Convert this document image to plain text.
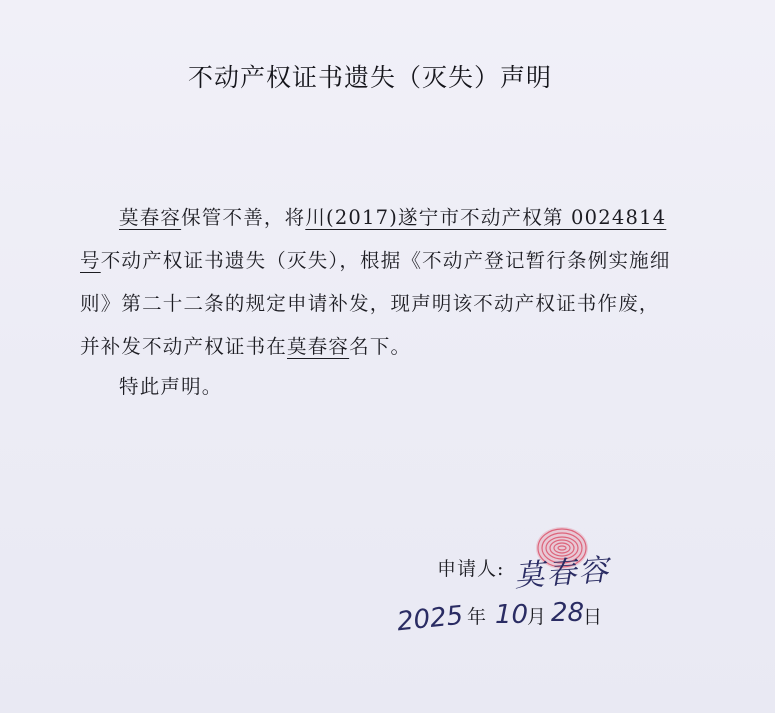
不动产权证书遗失（灭失）声明

莫春容保管不善，将川(2017)遂宁市不动产权第 0024814 号不动产权证书遗失（灭失），根据《不动产登记暂行条例实施细则》第二十二条的规定申请补发，现声明该不动产权证书作废，并补发不动产权证书在莫春容名下。

特此声明。
申请人: 莫春容
2025 年 10
月 28
日
